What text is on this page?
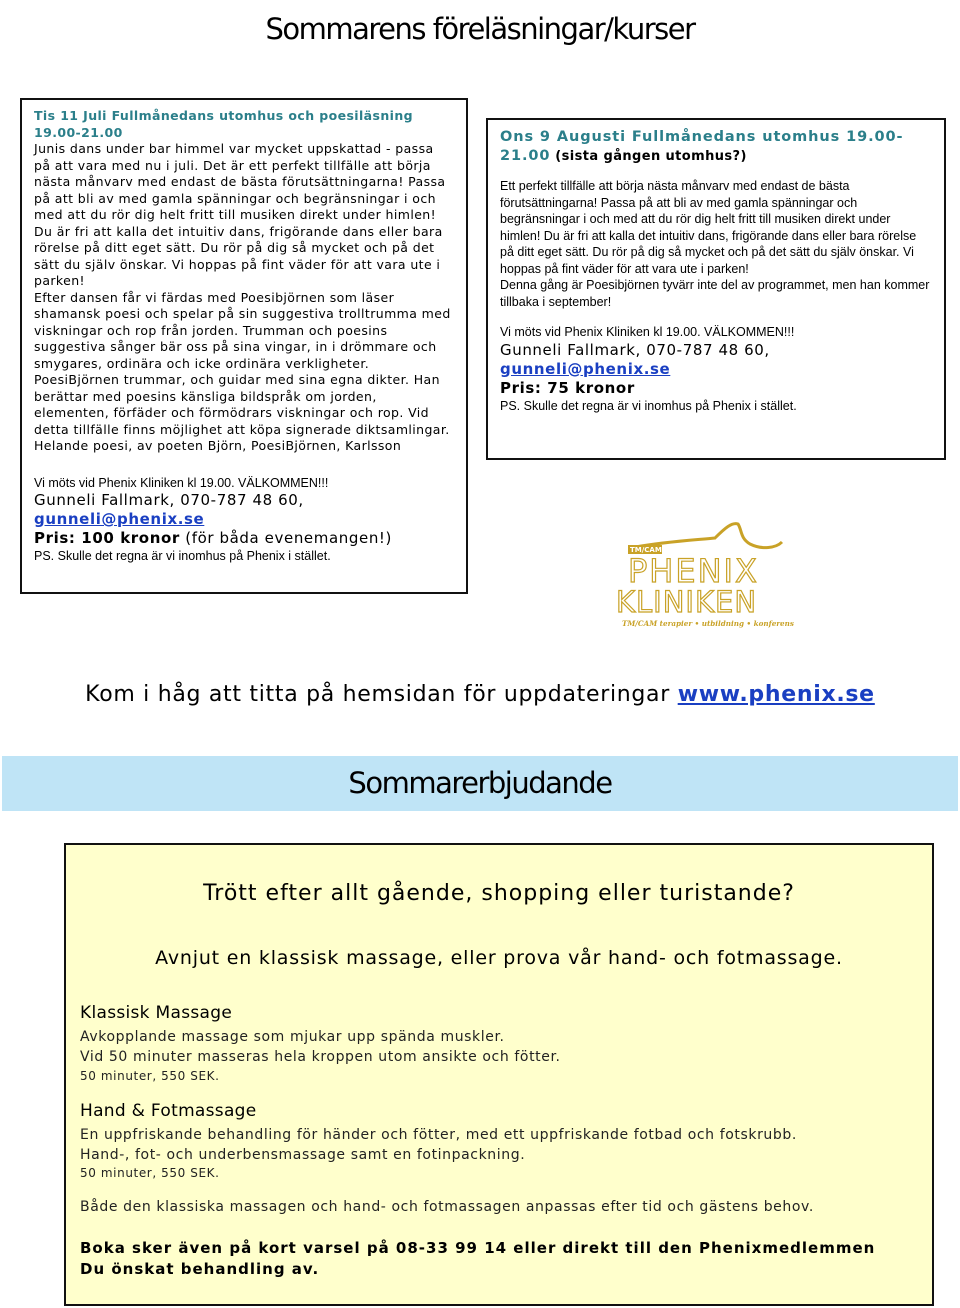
Sommarens föreläsningar/kurser

Tis 11 Juli Fullmånedans utomhus och poesiläsning 19.00-21.00

Junis dans under bar himmel var mycket uppskattad - passa på att vara med nu i juli. Det är ett perfekt tillfälle att börja nästa månvarv med endast de bästa förutsättningarna! Passa på att bli av med gamla spänningar och begränsningar i och med att du rör dig helt fritt till musiken direkt under himlen! Du är fri att kalla det intuitiv dans, frigörande dans eller bara rörelse på ditt eget sätt. Du rör på dig så mycket och på det sätt du själv önskar. Vi hoppas på fint väder för att vara ute i parken!

Efter dansen får vi färdas med Poesibjörnen som läser shamansk poesi och spelar på sin suggestiva trolltrumma med viskningar och rop från jorden. Trumman och poesins suggestiva sånger bär oss på sina vingar, in i drömmare och smygares, ordinära och icke ordinära verkligheter. PoesiBjörnen trummar, och guidar med sina egna dikter. Han berättar med poesins känsliga bildspråk om jorden, elementen, förfäder och förmödrars viskningar och rop. Vid detta tillfälle finns möjlighet att köpa signerade diktsamlingar. Helande poesi, av poeten Björn, PoesiBjörnen, Karlsson

Vi möts vid Phenix Kliniken kl 19.00. VÄLKOMMEN!!!

Gunneli Fallmark, 070-787 48 60,

gunneli@phenix.se

Pris: 100 kronor (för båda evenemangen!)

PS. Skulle det regna är vi inomhus på Phenix i stället.

Ons 9 Augusti Fullmånedans utomhus 19.00-21.00 (sista gången utomhus?)

Ett perfekt tillfälle att börja nästa månvarv med endast de bästa förutsättningarna! Passa på att bli av med gamla spänningar och begränsningar i och med att du rör dig helt fritt till musiken direkt under himlen! Du är fri att kalla det intuitiv dans, frigörande dans eller bara rörelse på ditt eget sätt. Du rör på dig så mycket och på det sätt du själv önskar. Vi hoppas på fint väder för att vara ute i parken!

Denna gång är Poesibjörnen tyvärr inte del av programmet, men han kommer tillbaka i september!

Vi möts vid Phenix Kliniken kl 19.00. VÄLKOMMEN!!!

Gunneli Fallmark, 070-787 48 60,

gunneli@phenix.se

Pris: 75 kronor

PS. Skulle det regna är vi inomhus på Phenix i stället.

TM/CAM
PHENIX
KLINIKEN
TM/CAM terapier • utbildning • konferens
Kom i håg att titta på hemsidan för uppdateringar www.phenix.se
Sommarerbjudande
Trött efter allt gående, shopping eller turistande?
Avnjut en klassisk massage, eller prova vår hand- och fotmassage.
Klassisk Massage
Avkopplande massage som mjukar upp spända muskler.
Vid 50 minuter masseras hela kroppen utom ansikte och fötter.
50 minuter, 550 SEK.
Hand & Fotmassage
En uppfriskande behandling för händer och fötter, med ett uppfriskande fotbad och fotskrubb.
Hand-, fot- och underbensmassage samt en fotinpackning.
50 minuter, 550 SEK.
Både den klassiska massagen och hand- och fotmassagen anpassas efter tid och gästens behov.
Boka sker även på kort varsel på 08-33 99 14 eller direkt till den Phenixmedlemmen
Du önskat behandling av.
